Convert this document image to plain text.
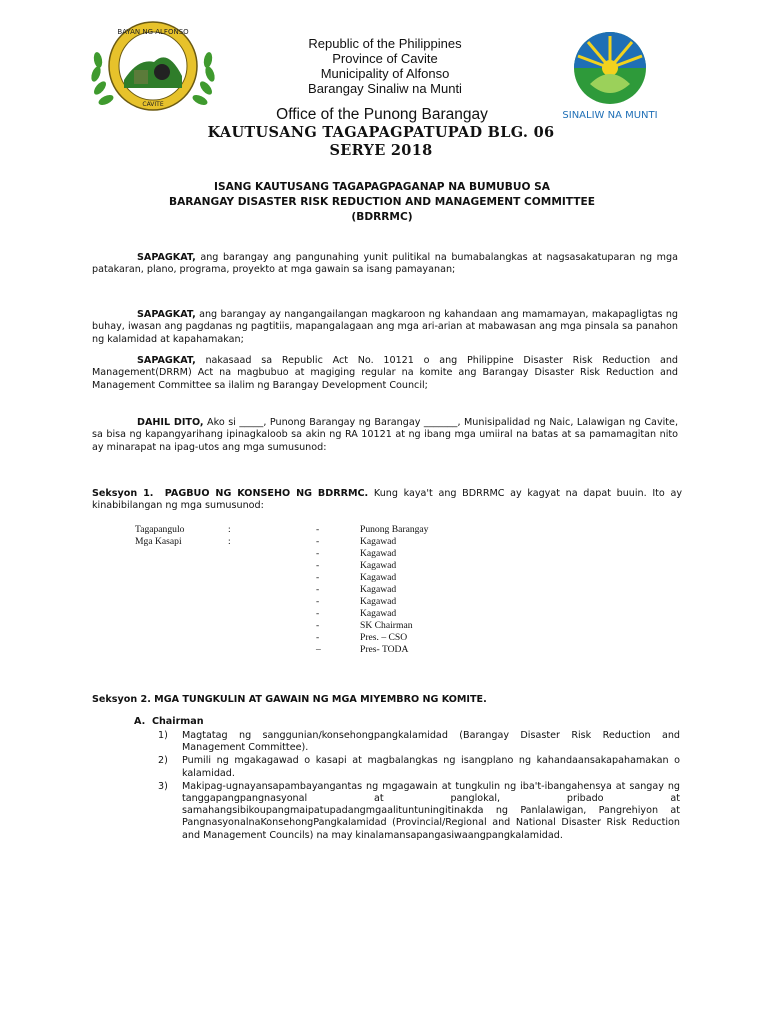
BAYAN NG ALFONSO
CAVITE
Republic of the Philippines
Province of Cavite
Municipality of Alfonso
Barangay Sinaliw na Munti
SINALIW NA MUNTI
Office of the Punong Barangay
KAUTUSANG TAGAPAGPATUPAD BLG. 06
SERYE 2018
ISANG KAUTUSANG TAGAPAGPAGANAP NA BUMUBUO SA
BARANGAY DISASTER RISK REDUCTION AND MANAGEMENT COMMITTEE
(BDRRMC)
SAPAGKAT, ang barangay ang pangunahing yunit pulitikal na bumabalangkas at nagsasakatuparan ng mga patakaran, plano, programa, proyekto at mga gawain sa isang pamayanan;
SAPAGKAT, ang barangay ay nangangailangan magkaroon ng kahandaan ang mamamayan, makapagligtas ng buhay, iwasan ang pagdanas ng pagtitiis, mapangalagaan ang mga ari-arian at mabawasan ang mga pinsala sa panahon ng kalamidad at kapahamakan;
SAPAGKAT, nakasaad sa Republic Act No. 10121 o ang Philippine Disaster Risk Reduction and Management(DRRM) Act na magbubuo at magiging regular na komite ang Barangay Disaster Risk Reduction and Management Committee sa ilalim ng Barangay Development Council;
DAHIL DITO, Ako si _____, Punong Barangay ng Barangay _______, Munisipalidad ng Naic, Lalawigan ng Cavite, sa bisa ng kapangyarihang ipinagkaloob sa akin ng RA 10121 at ng ibang mga umiiral na batas at sa pamamagitan nito ay minarapat na ipag-utos ang mga sumusunod:
Seksyon 1. PAGBUO NG KONSEHO NG BDRRMC. Kung kaya't ang BDRRMC ay kagyat na dapat buuin. Ito ay kinabibilangan ng mga sumusunod:
Tagapangulo	:	-	Punong Barangay
Mga Kasapi	:	-	Kagawad
-	Kagawad
-	Kagawad
-	Kagawad
-	Kagawad
-	Kagawad
-	Kagawad
-	SK Chairman
-	Pres. – CSO
–	Pres- TODA
Seksyon 2. MGA TUNGKULIN AT GAWAIN NG MGA MIYEMBRO NG KOMITE.
A. Chairman
1) Magtatag ng sanggunian/konsehongpangkalamidad (Barangay Disaster Risk Reduction and Management Committee).
2) Pumili ng mgakagawad o kasapi at magbalangkas ng isangplano ng kahandaansakapahamakan o kalamidad.
3) Makipag-ugnayansapambayangantas ng mgagawain at tungkulin ng iba't-ibangahensya at sangay ng tanggapangpangnasyonal at panglokal, pribado at samahangsibikoupangmaipatupadangmgaalituntuningitinakda ng Panlalawigan, Pangrehiyon at PangnasyonalnaKonsehongPangkalamidad (Provincial/Regional and National Disaster Risk Reduction and Management Councils) na may kinalamansapangasiwaangpangkalamidad.
